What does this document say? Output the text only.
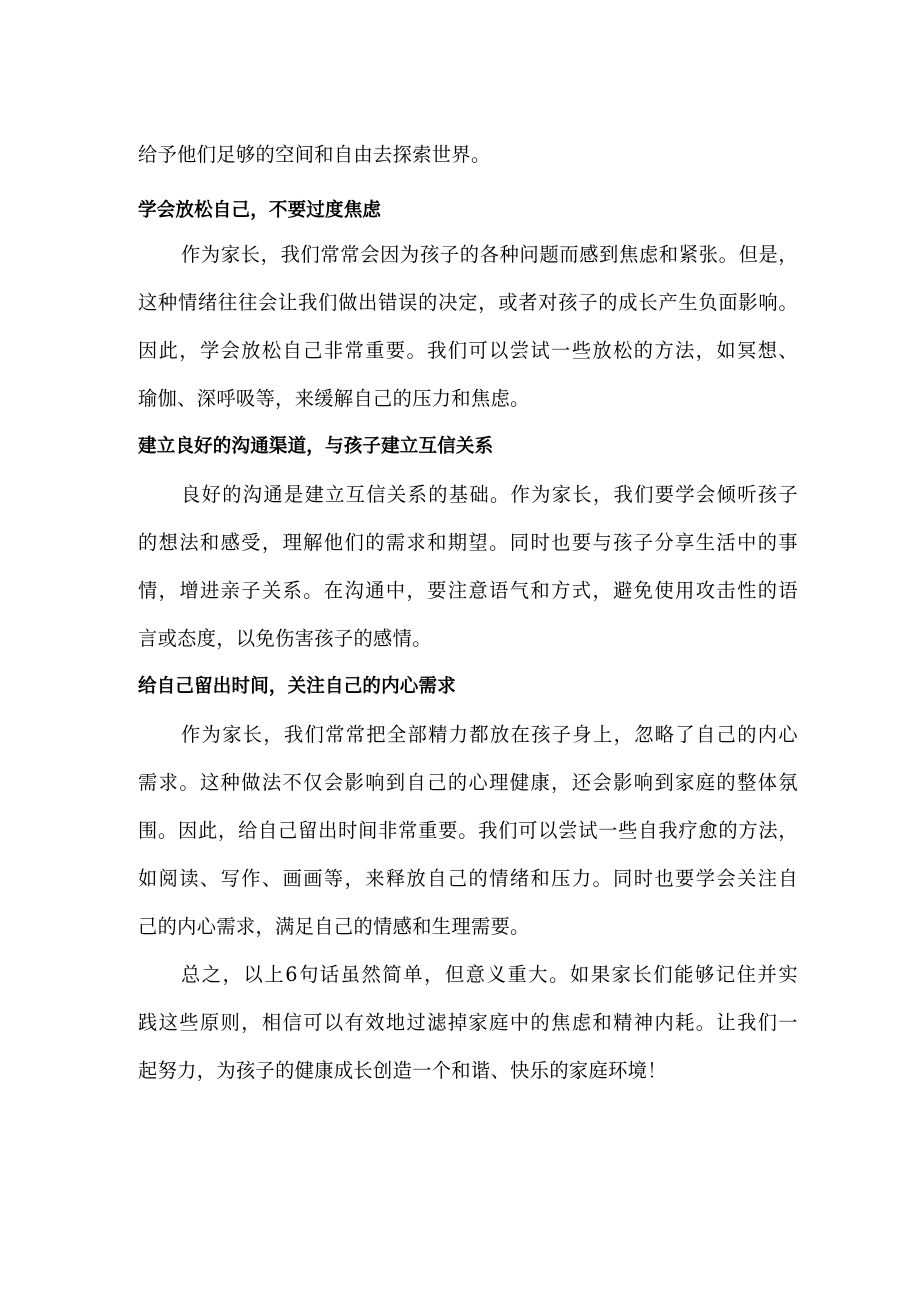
给予他们足够的空间和自由去探索世界。
学会放松自己，不要过度焦虑
作为家长，我们常常会因为孩子的各种问题而感到焦虑和紧张。但是，
这种情绪往往会让我们做出错误的决定，或者对孩子的成长产生负面影响。
因此，学会放松自己非常重要。我们可以尝试一些放松的方法，如冥想、
瑜伽、深呼吸等，来缓解自己的压力和焦虑。
建立良好的沟通渠道，与孩子建立互信关系
良好的沟通是建立互信关系的基础。作为家长，我们要学会倾听孩子
的想法和感受，理解他们的需求和期望。同时也要与孩子分享生活中的事
情，增进亲子关系。在沟通中，要注意语气和方式，避免使用攻击性的语
言或态度，以免伤害孩子的感情。
给自己留出时间，关注自己的内心需求
作为家长，我们常常把全部精力都放在孩子身上，忽略了自己的内心
需求。这种做法不仅会影响到自己的心理健康，还会影响到家庭的整体氛
围。因此，给自己留出时间非常重要。我们可以尝试一些自我疗愈的方法，
如阅读、写作、画画等，来释放自己的情绪和压力。同时也要学会关注自
己的内心需求，满足自己的情感和生理需要。
总之，以上6句话虽然简单，但意义重大。如果家长们能够记住并实
践这些原则，相信可以有效地过滤掉家庭中的焦虑和精神内耗。让我们一
起努力，为孩子的健康成长创造一个和谐、快乐的家庭环境！
